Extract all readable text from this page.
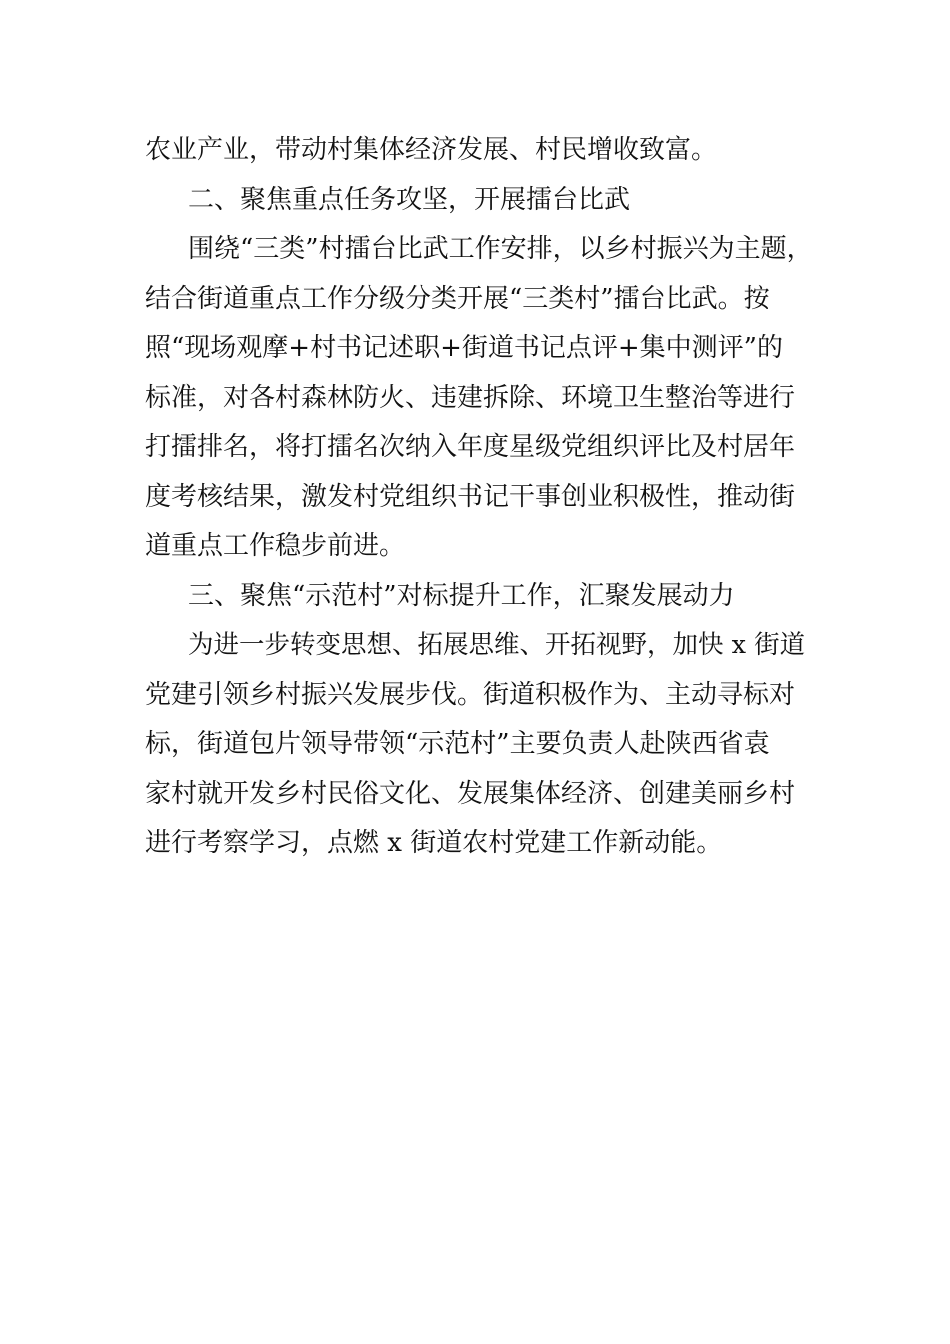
农业产业，带动村集体经济发展、村民增收致富。
二、聚焦重点任务攻坚，开展擂台比武
围绕“三类”村擂台比武工作安排，以乡村振兴为主题，
结合街道重点工作分级分类开展“三类村”擂台比武。按
照“现场观摩+村书记述职+街道书记点评+集中测评”的
标准，对各村森林防火、违建拆除、环境卫生整治等进行
打擂排名，将打擂名次纳入年度星级党组织评比及村居年
度考核结果，激发村党组织书记干事创业积极性，推动街
道重点工作稳步前进。
三、聚焦“示范村”对标提升工作，汇聚发展动力
为进一步转变思想、拓展思维、开拓视野，加快 x 街道
党建引领乡村振兴发展步伐。街道积极作为、主动寻标对
标，街道包片领导带领“示范村”主要负责人赴陕西省袁
家村就开发乡村民俗文化、发展集体经济、创建美丽乡村
进行考察学习，点燃 x 街道农村党建工作新动能。
